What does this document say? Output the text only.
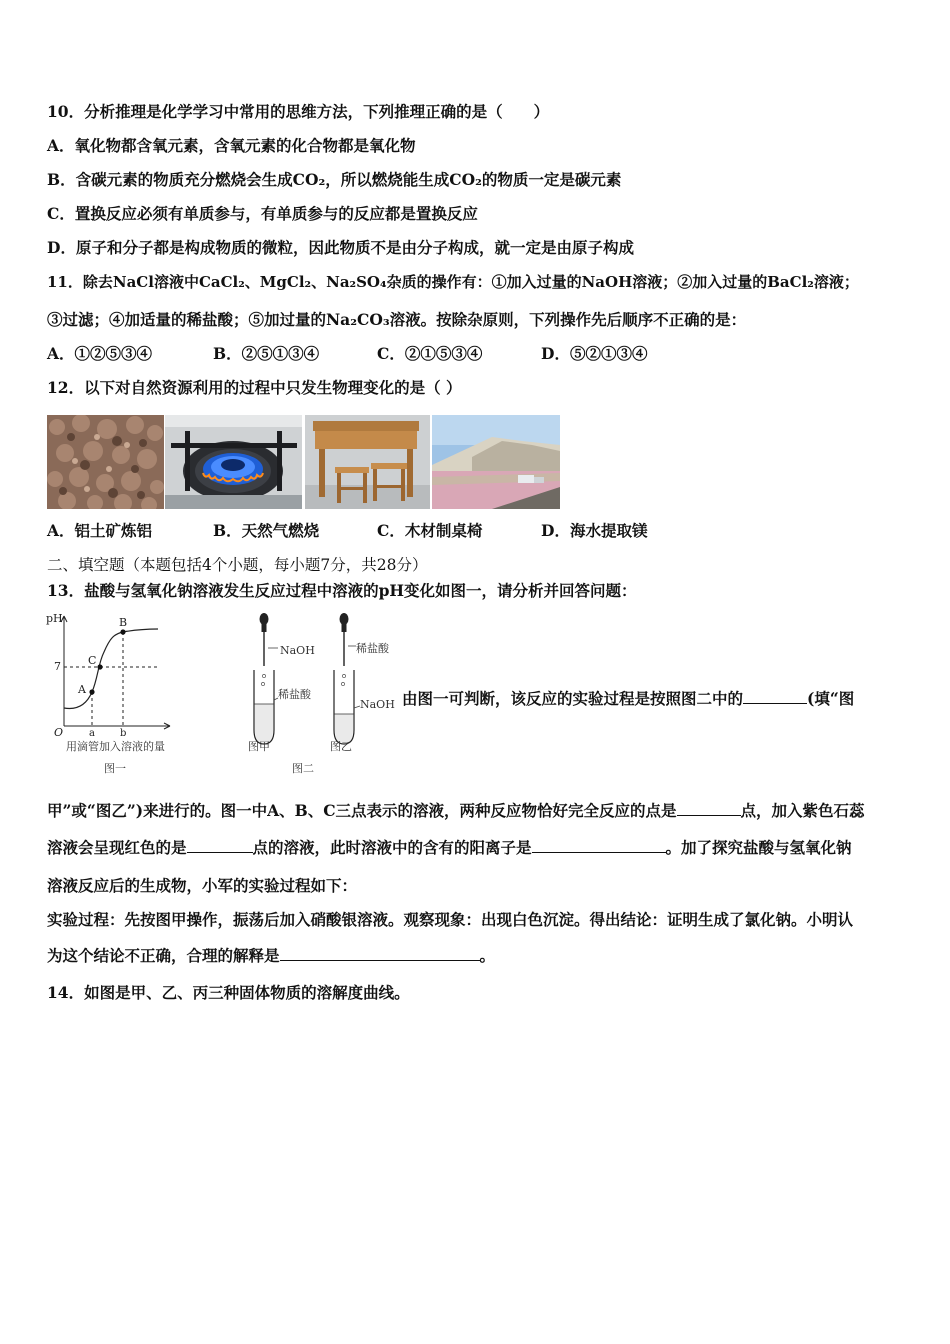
10．分析推理是化学学习中常用的思维方法，下列推理正确的是（　　）
A．氧化物都含氧元素，含氧元素的化合物都是氧化物
B．含碳元素的物质充分燃烧会生成CO₂，所以燃烧能生成CO₂的物质一定是碳元素
C．置换反应必须有单质参与，有单质参与的反应都是置换反应
D．原子和分子都是构成物质的微粒，因此物质不是由分子构成，就一定是由原子构成
11．除去NaCl溶液中CaCl₂、MgCl₂、Na₂SO₄杂质的操作有：①加入过量的NaOH溶液；②加入过量的BaCl₂溶液；
③过滤；④加适量的稀盐酸；⑤加过量的Na₂CO₃溶液。按除杂原则，下列操作先后顺序不正确的是：
A．①②⑤③④	B．②⑤①③④	C．②①⑤③④	D．⑤②①③④
12．以下对自然资源利用的过程中只发生物理变化的是（ ）
A．铝土矿炼铝	B．天然气燃烧	C．木材制桌椅	D．海水提取镁
二、填空题（本题包括4个小题，每小题7分，共28分）
13．盐酸与氢氧化钠溶液发生反应过程中溶液的pH变化如图一，请分析并回答问题：
pH
7
O
A
C
B
a	b
用滴管加入溶液的量
图一
NaOH
稀盐酸
图甲
稀盐酸
NaOH
图乙
图二
由图一可判断，该反应的实验过程是按照图二中的	(填“图
甲”或“图乙”)来进行的。图一中A、B、C三点表示的溶液，两种反应物恰好完全反应的点是	点，加入紫色石蕊
溶液会呈现红色的是	点的溶液，此时溶液中的含有的阳离子是	。加了探究盐酸与氢氧化钠
溶液反应后的生成物，小军的实验过程如下：
实验过程：先按图甲操作，振荡后加入硝酸银溶液。观察现象：出现白色沉淀。得出结论：证明生成了氯化钠。小明认
为这个结论不正确，合理的解释是	。
14．如图是甲、乙、丙三种固体物质的溶解度曲线。
